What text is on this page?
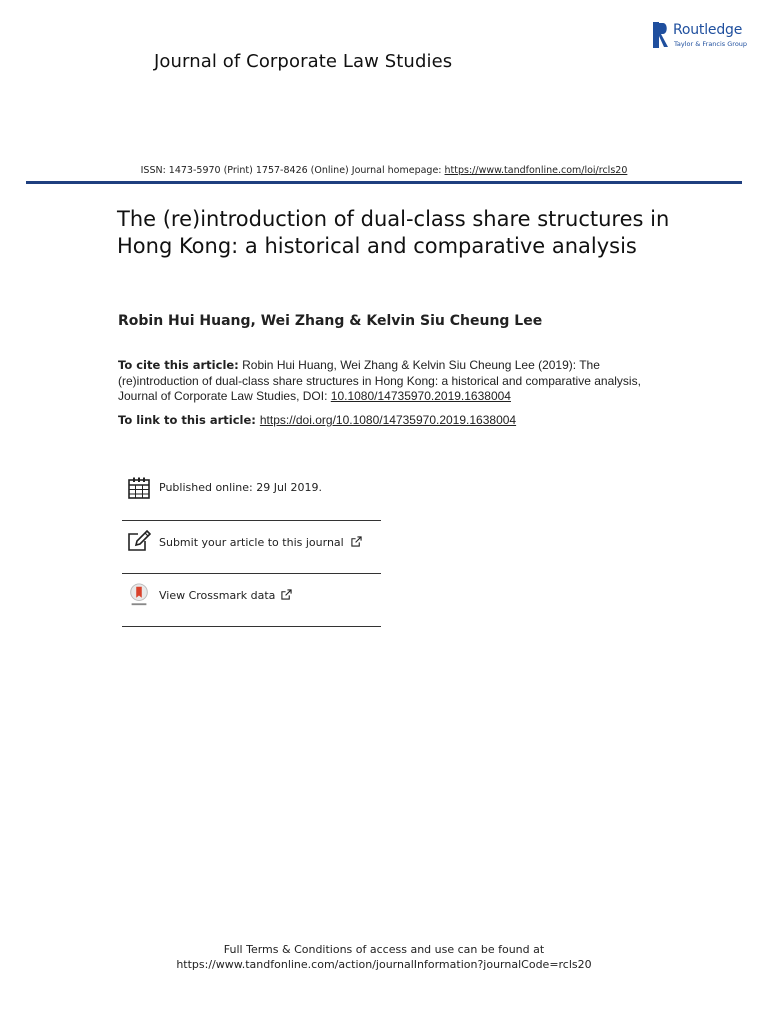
Journal of Corporate Law Studies
Routledge
Taylor & Francis Group
ISSN: 1473-5970 (Print) 1757-8426 (Online) Journal homepage: https://www.tandfonline.com/loi/rcls20
The (re)introduction of dual-class share structures in Hong Kong: a historical and comparative analysis
Robin Hui Huang, Wei Zhang & Kelvin Siu Cheung Lee
To cite this article: Robin Hui Huang, Wei Zhang & Kelvin Siu Cheung Lee (2019): The (re)introduction of dual-class share structures in Hong Kong: a historical and comparative analysis, Journal of Corporate Law Studies, DOI: 10.1080/14735970.2019.1638004
To link to this article: https://doi.org/10.1080/14735970.2019.1638004
Published online: 29 Jul 2019.
Submit your article to this journal
View Crossmark data
Full Terms & Conditions of access and use can be found at
https://www.tandfonline.com/action/journalInformation?journalCode=rcls20
